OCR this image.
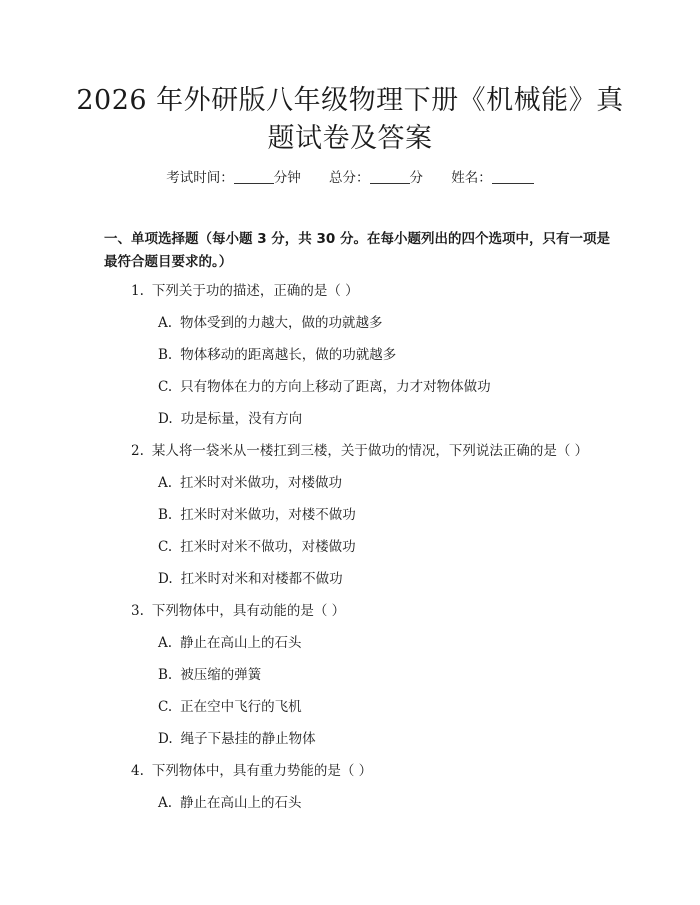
2026 年外研版八年级物理下册《机械能》真
题试卷及答案
考试时间：	分钟 总分：	分 姓名：
一、单项选择题（每小题 3 分，共 30 分。在每小题列出的四个选项中，只有一项是最符合题目要求的。）
1. 下列关于功的描述，正确的是（ ）
A. 物体受到的力越大，做的功就越多
B. 物体移动的距离越长，做的功就越多
C. 只有物体在力的方向上移动了距离，力才对物体做功
D. 功是标量，没有方向
2. 某人将一袋米从一楼扛到三楼，关于做功的情况，下列说法正确的是（ ）
A. 扛米时对米做功，对楼做功
B. 扛米时对米做功，对楼不做功
C. 扛米时对米不做功，对楼做功
D. 扛米时对米和对楼都不做功
3. 下列物体中，具有动能的是（ ）
A. 静止在高山上的石头
B. 被压缩的弹簧
C. 正在空中飞行的飞机
D. 绳子下悬挂的静止物体
4. 下列物体中，具有重力势能的是（ ）
A. 静止在高山上的石头
